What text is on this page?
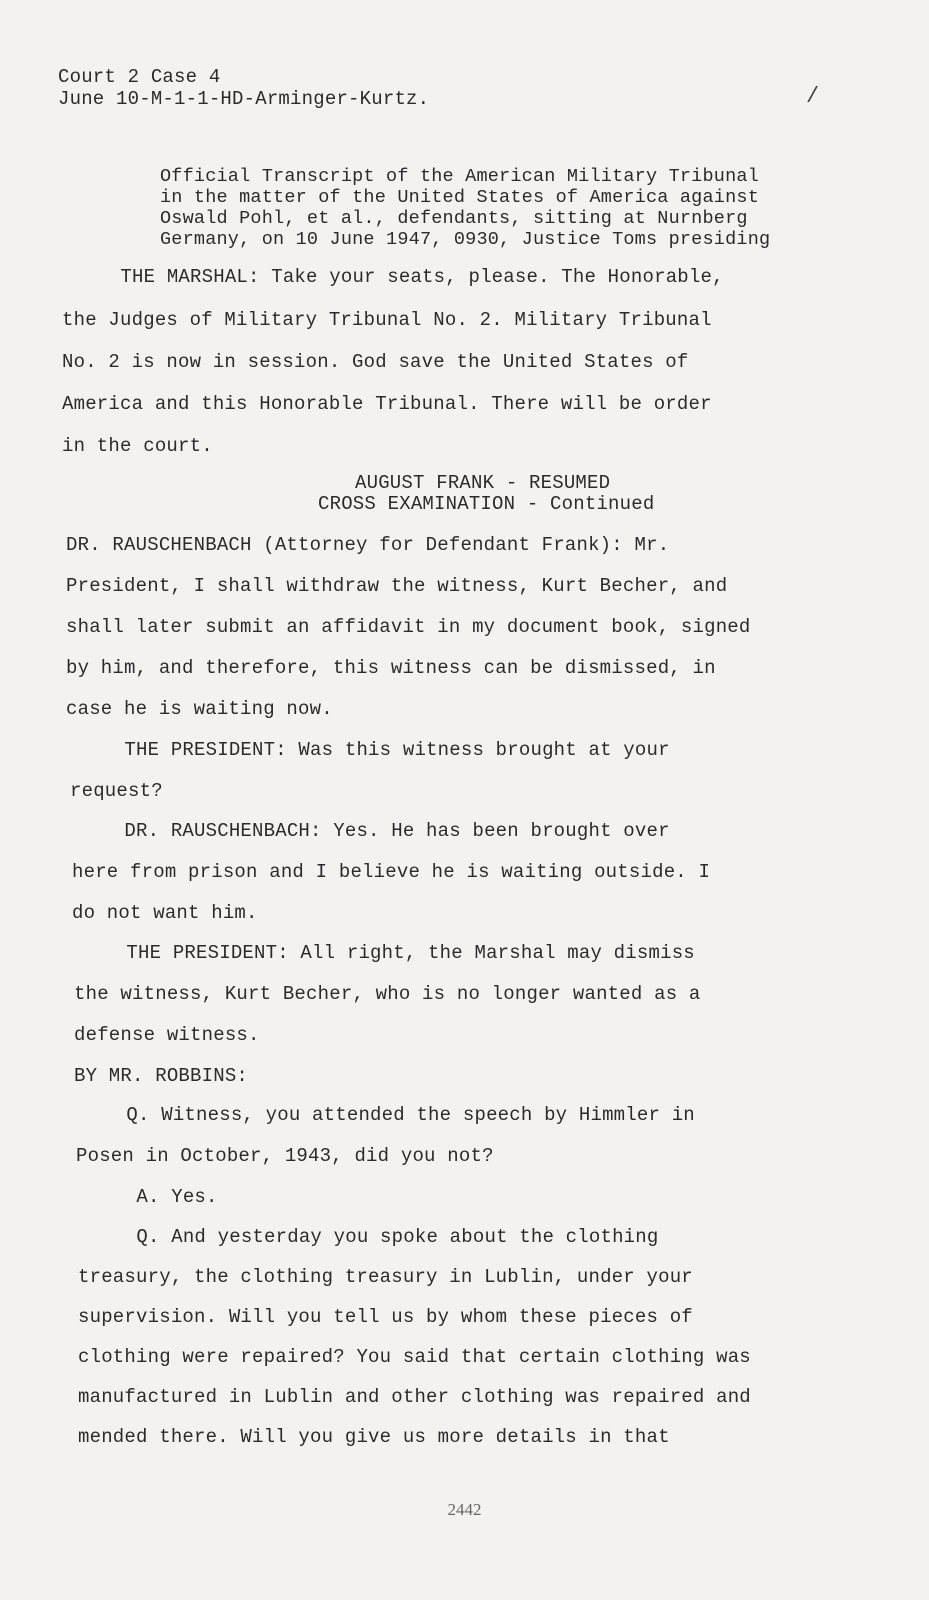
Court 2 Case 4
June 10-M-1-1-HD-Arminger-Kurtz.	/
Official Transcript of the American Military Tribunal
in the matter of the United States of America against
Oswald Pohl, et al., defendants, sitting at Nurnberg
Germany, on 10 June 1947, 0930, Justice Toms presiding
THE MARSHAL: Take your seats, please. The Honorable,
the Judges of Military Tribunal No. 2. Military Tribunal
No. 2 is now in session. God save the United States of
America and this Honorable Tribunal. There will be order
in the court.
AUGUST FRANK - RESUMED
CROSS EXAMINATION - Continued
DR. RAUSCHENBACH (Attorney for Defendant Frank): Mr.
President, I shall withdraw the witness, Kurt Becher, and
shall later submit an affidavit in my document book, signed
by him, and therefore, this witness can be dismissed, in
case he is waiting now.
THE PRESIDENT: Was this witness brought at your
request?
DR. RAUSCHENBACH: Yes. He has been brought over
here from prison and I believe he is waiting outside. I
do not want him.
THE PRESIDENT: All right, the Marshal may dismiss
the witness, Kurt Becher, who is no longer wanted as a
defense witness.
BY MR. ROBBINS:
Q. Witness, you attended the speech by Himmler in
Posen in October, 1943, did you not?
A. Yes.
Q. And yesterday you spoke about the clothing
treasury, the clothing treasury in Lublin, under your
supervision. Will you tell us by whom these pieces of
clothing were repaired? You said that certain clothing was
manufactured in Lublin and other clothing was repaired and
mended there. Will you give us more details in that
2442
